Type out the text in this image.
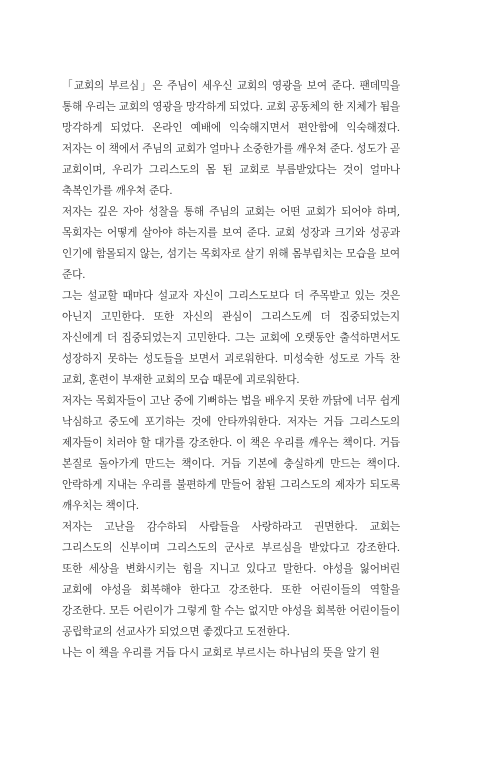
「교회의 부르심」은 주님이 세우신 교회의 영광을 보여 준다. 팬데믹을 통해 우리는 교회의 영광을 망각하게 되었다. 교회 공동체의 한 지체가 됨을 망각하게 되었다. 온라인 예배에 익숙해지면서 편안함에 익숙해졌다. 저자는 이 책에서 주님의 교회가 얼마나 소중한가를 깨우쳐 준다. 성도가 곧 교회이며, 우리가 그리스도의 몸 된 교회로 부름받았다는 것이 얼마나 축복인가를 깨우쳐 준다.

저자는 깊은 자아 성찰을 통해 주님의 교회는 어떤 교회가 되어야 하며, 목회자는 어떻게 살아야 하는지를 보여 준다. 교회 성장과 크기와 성공과 인기에 함몰되지 않는, 섬기는 목회자로 살기 위해 몸부림치는 모습을 보여 준다.

그는 설교할 때마다 설교자 자신이 그리스도보다 더 주목받고 있는 것은 아닌지 고민한다. 또한 자신의 관심이 그리스도께 더 집중되었는지 자신에게 더 집중되었는지 고민한다. 그는 교회에 오랫동안 출석하면서도 성장하지 못하는 성도들을 보면서 괴로워한다. 미성숙한 성도로 가득 찬 교회, 훈련이 부재한 교회의 모습 때문에 괴로워한다.

저자는 목회자들이 고난 중에 기뻐하는 법을 배우지 못한 까닭에 너무 쉽게 낙심하고 중도에 포기하는 것에 안타까워한다. 저자는 거듭 그리스도의 제자들이 치러야 할 대가를 강조한다. 이 책은 우리를 깨우는 책이다. 거듭 본질로 돌아가게 만드는 책이다. 거듭 기본에 충실하게 만드는 책이다. 안락하게 지내는 우리를 불편하게 만들어 참된 그리스도의 제자가 되도록 깨우치는 책이다.

저자는 고난을 감수하되 사람들을 사랑하라고 권면한다. 교회는 그리스도의 신부이며 그리스도의 군사로 부르심을 받았다고 강조한다. 또한 세상을 변화시키는 힘을 지니고 있다고 말한다. 야성을 잃어버린 교회에 야성을 회복해야 한다고 강조한다. 또한 어린이들의 역할을 강조한다. 모든 어린이가 그렇게 할 수는 없지만 야성을 회복한 어린이들이 공립학교의 선교사가 되었으면 좋겠다고 도전한다.

나는 이 책을 우리를 거듭 다시 교회로 부르시는 하나님의 뜻을 알기 원
